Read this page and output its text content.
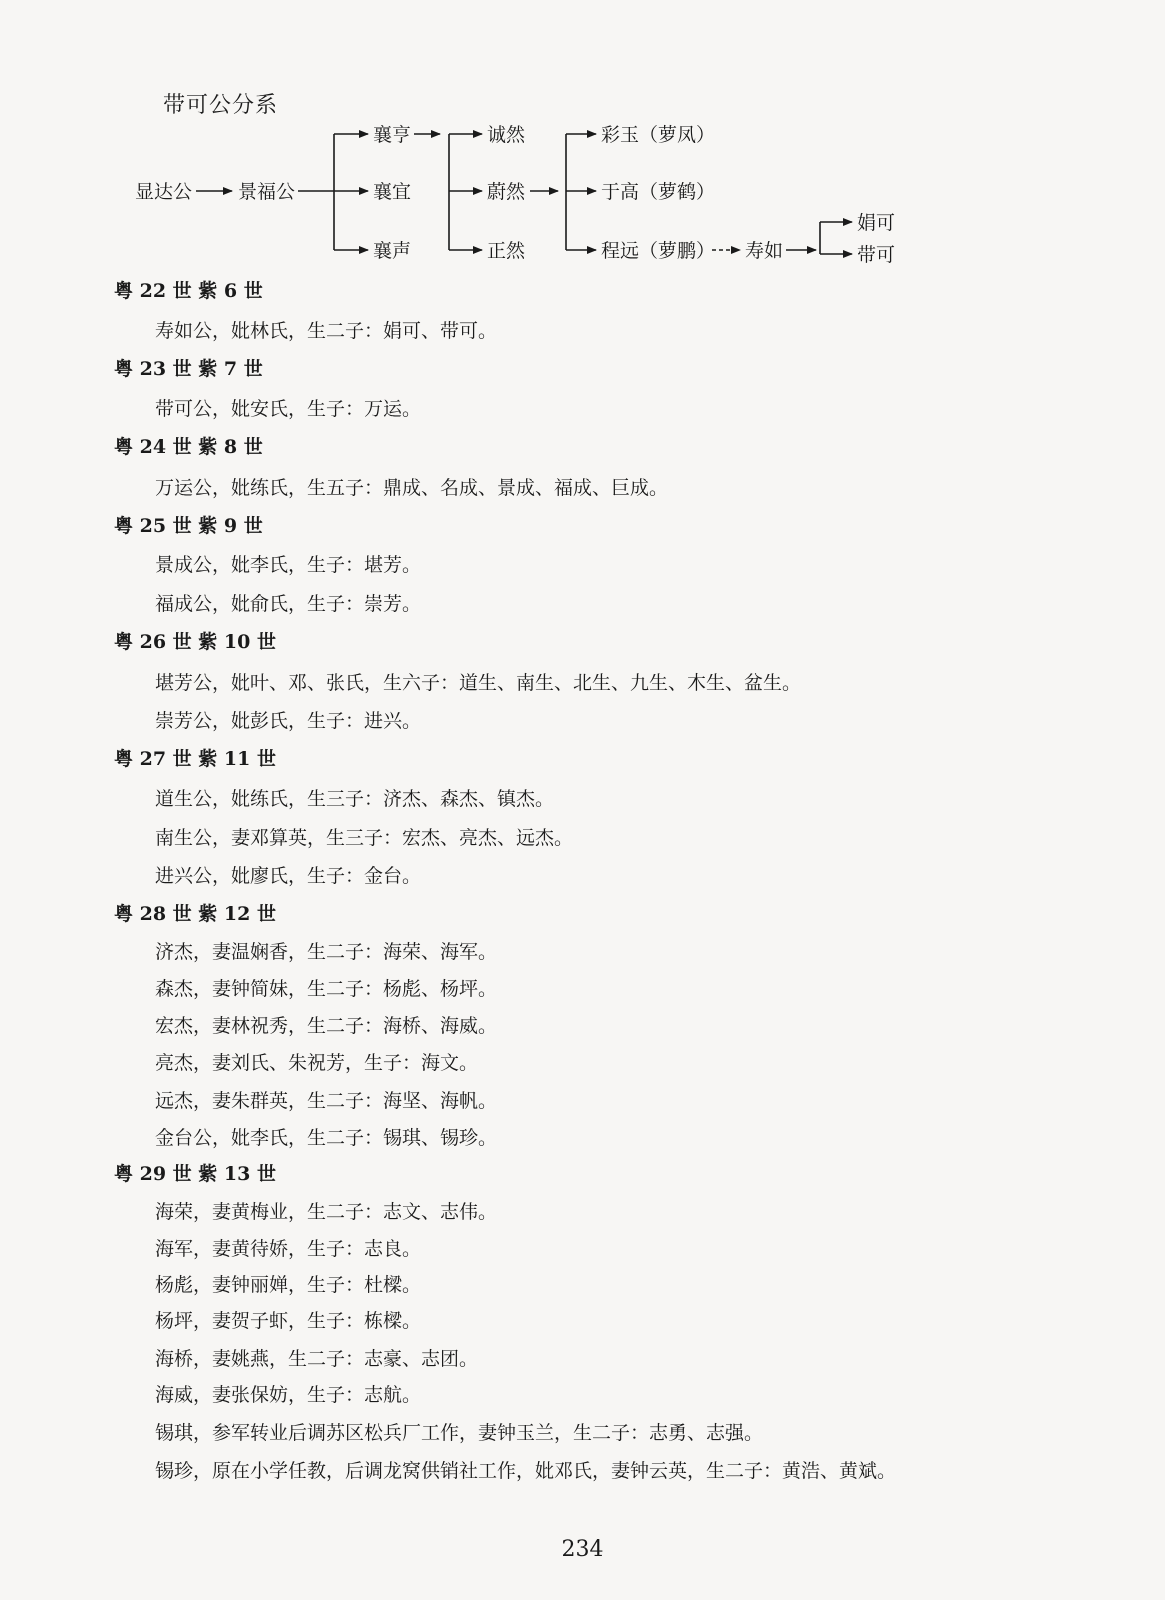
带可公分系
显达公 景福公
襄亨
襄宜
襄声
诚然
蔚然
正然
彩玉（萝凤）
于高（萝鹤）
程远（萝鹏） 寿如
娟可
带可
粤 22 世 紫 6 世
寿如公，妣林氏，生二子：娟可、带可。
粤 23 世 紫 7 世
带可公，妣安氏，生子：万运。
粤 24 世 紫 8 世
万运公，妣练氏，生五子：鼎成、名成、景成、福成、巨成。
粤 25 世 紫 9 世
景成公，妣李氏，生子：堪芳。
福成公，妣俞氏，生子：崇芳。
粤 26 世 紫 10 世
堪芳公，妣叶、邓、张氏，生六子：道生、南生、北生、九生、木生、盆生。
崇芳公，妣彭氏，生子：进兴。
粤 27 世 紫 11 世
道生公，妣练氏，生三子：济杰、森杰、镇杰。
南生公，妻邓算英，生三子：宏杰、亮杰、远杰。
进兴公，妣廖氏，生子：金台。
粤 28 世 紫 12 世
济杰，妻温娴香，生二子：海荣、海军。
森杰，妻钟简妹，生二子：杨彪、杨坪。
宏杰，妻林祝秀，生二子：海桥、海威。
亮杰，妻刘氏、朱祝芳，生子：海文。
远杰，妻朱群英，生二子：海坚、海帆。
金台公，妣李氏，生二子：锡琪、锡珍。
粤 29 世 紫 13 世
海荣，妻黄梅业，生二子：志文、志伟。
海军，妻黄待娇，生子：志良。
杨彪，妻钟丽婵，生子：杜樑。
杨坪，妻贺子虾，生子：栋樑。
海桥，妻姚燕，生二子：志豪、志团。
海威，妻张保妨，生子：志航。
锡琪，参军转业后调苏区松兵厂工作，妻钟玉兰，生二子：志勇、志强。
锡珍，原在小学任教，后调龙窝供销社工作，妣邓氏，妻钟云英，生二子：黄浩、黄斌。
234
